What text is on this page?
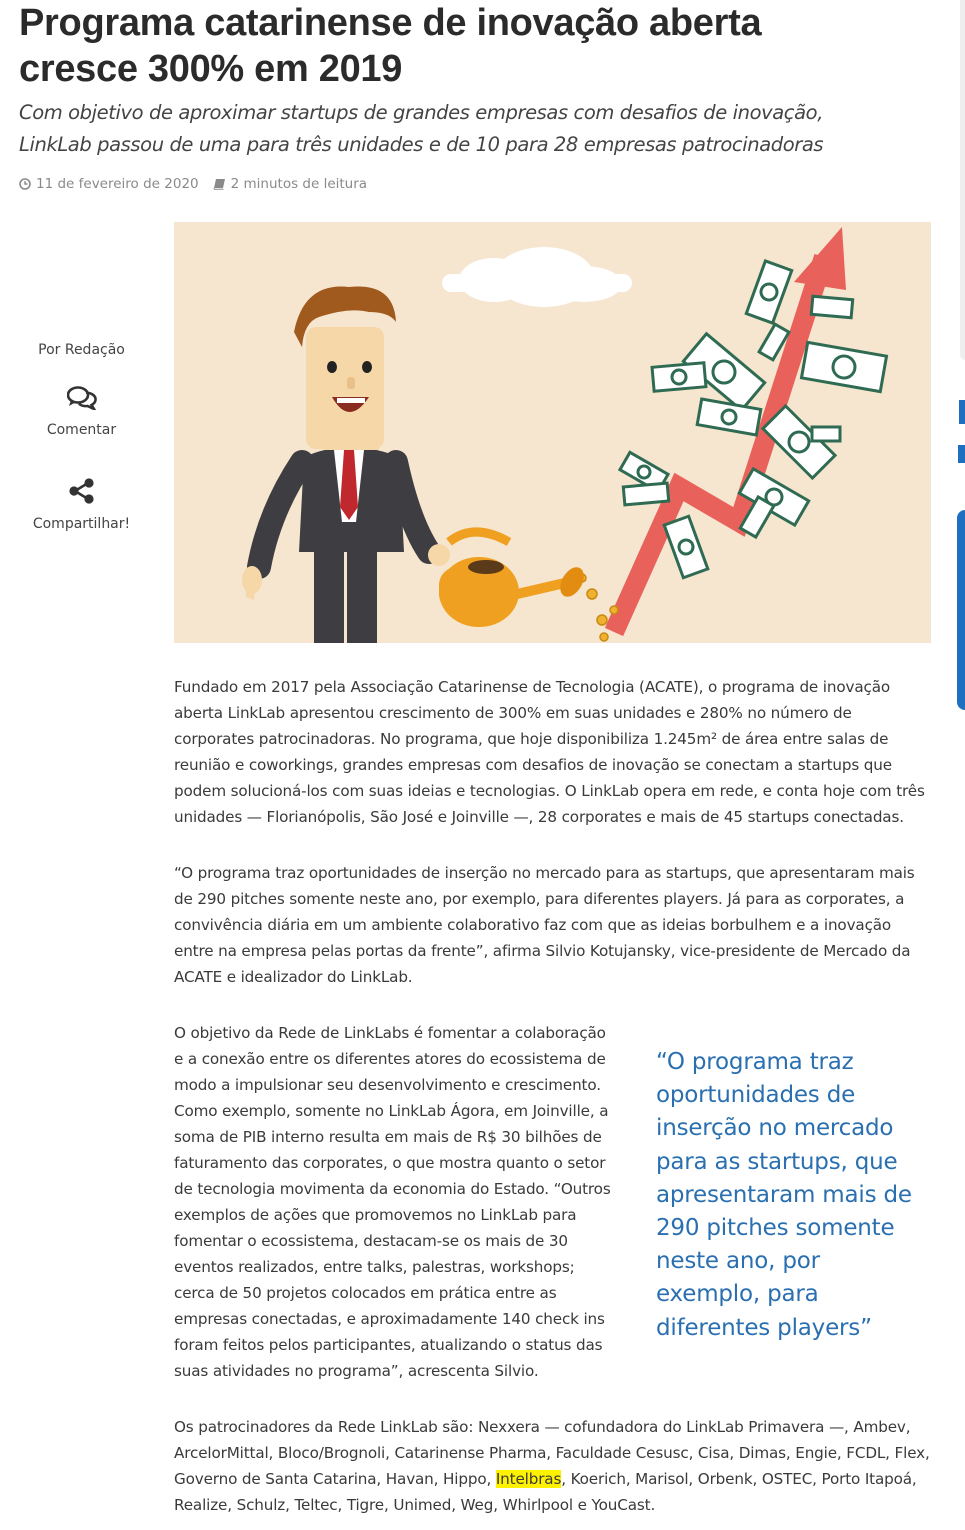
Programa catarinense de inovação aberta cresce 300% em 2019

Com objetivo de aproximar startups de grandes empresas com desafios de inovação, LinkLab passou de uma para três unidades e de 10 para 28 empresas patrocinadoras

11 de fevereiro de 2020 2 minutos de leitura
Por Redação
Comentar
Compartilhar!

Fundado em 2017 pela Associação Catarinense de Tecnologia (ACATE), o programa de inovação aberta LinkLab apresentou crescimento de 300% em suas unidades e 280% no número de corporates patrocinadoras. No programa, que hoje disponibiliza 1.245m² de área entre salas de reunião e coworkings, grandes empresas com desafios de inovação se conectam a startups que podem solucioná-los com suas ideias e tecnologias. O LinkLab opera em rede, e conta hoje com três unidades — Florianópolis, São José e Joinville —, 28 corporates e mais de 45 startups conectadas.

“O programa traz oportunidades de inserção no mercado para as startups, que apresentaram mais de 290 pitches somente neste ano, por exemplo, para diferentes players. Já para as corporates, a convivência diária em um ambiente colaborativo faz com que as ideias borbulhem e a inovação entre na empresa pelas portas da frente”, afirma Silvio Kotujansky, vice-presidente de Mercado da ACATE e idealizador do LinkLab.

O objetivo da Rede de LinkLabs é fomentar a colaboração e a conexão entre os diferentes atores do ecossistema de modo a impulsionar seu desenvolvimento e crescimento. Como exemplo, somente no LinkLab Ágora, em Joinville, a soma de PIB interno resulta em mais de R$ 30 bilhões de faturamento das corporates, o que mostra quanto o setor de tecnologia movimenta da economia do Estado. “Outros exemplos de ações que promovemos no LinkLab para fomentar o ecossistema, destacam-se os mais de 30 eventos realizados, entre talks, palestras, workshops; cerca de 50 projetos colocados em prática entre as empresas conectadas, e aproximadamente 140 check ins foram feitos pelos participantes, atualizando o status das suas atividades no programa”, acrescenta Silvio.

“O programa traz oportunidades de inserção no mercado para as startups, que apresentaram mais de 290 pitches somente neste ano, por exemplo, para diferentes players”

Os patrocinadores da Rede LinkLab são: Nexxera — cofundadora do LinkLab Primavera —, Ambev, ArcelorMittal, Bloco/Brognoli, Catarinense Pharma, Faculdade Cesusc, Cisa, Dimas, Engie, FCDL, Flex, Governo de Santa Catarina, Havan, Hippo, Intelbras, Koerich, Marisol, Orbenk, OSTEC, Porto Itapoá, Realize, Schulz, Teltec, Tigre, Unimed, Weg, Whirlpool e YouCast.
